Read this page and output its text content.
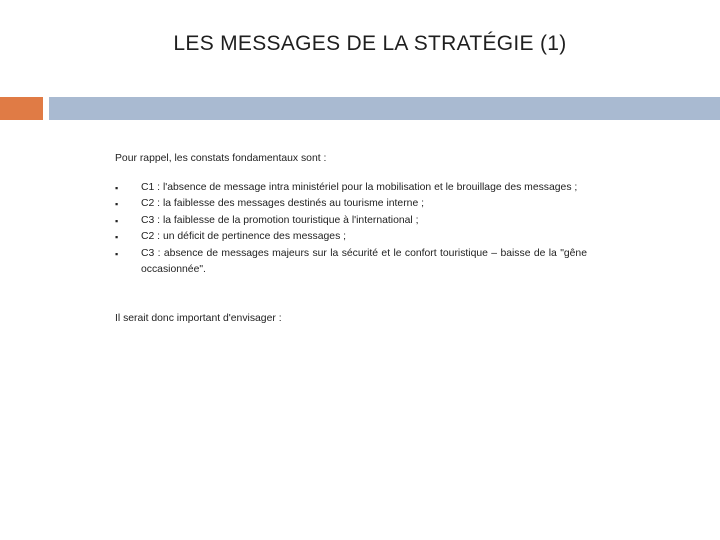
LES MESSAGES DE LA STRATÉGIE (1)

Pour rappel, les constats fondamentaux sont :

▪ C1 : l'absence de message intra ministériel pour la mobilisation et le brouillage des messages ;
▪ C2 : la faiblesse des messages destinés au tourisme interne ;
▪ C3 : la faiblesse de la promotion touristique à l'international ;
▪ C2 : un déficit de pertinence des messages ;
▪ C3 : absence de messages majeurs sur la sécurité et le confort touristique – baisse de la "gêne occasionnée".

Il serait donc important d'envisager :
